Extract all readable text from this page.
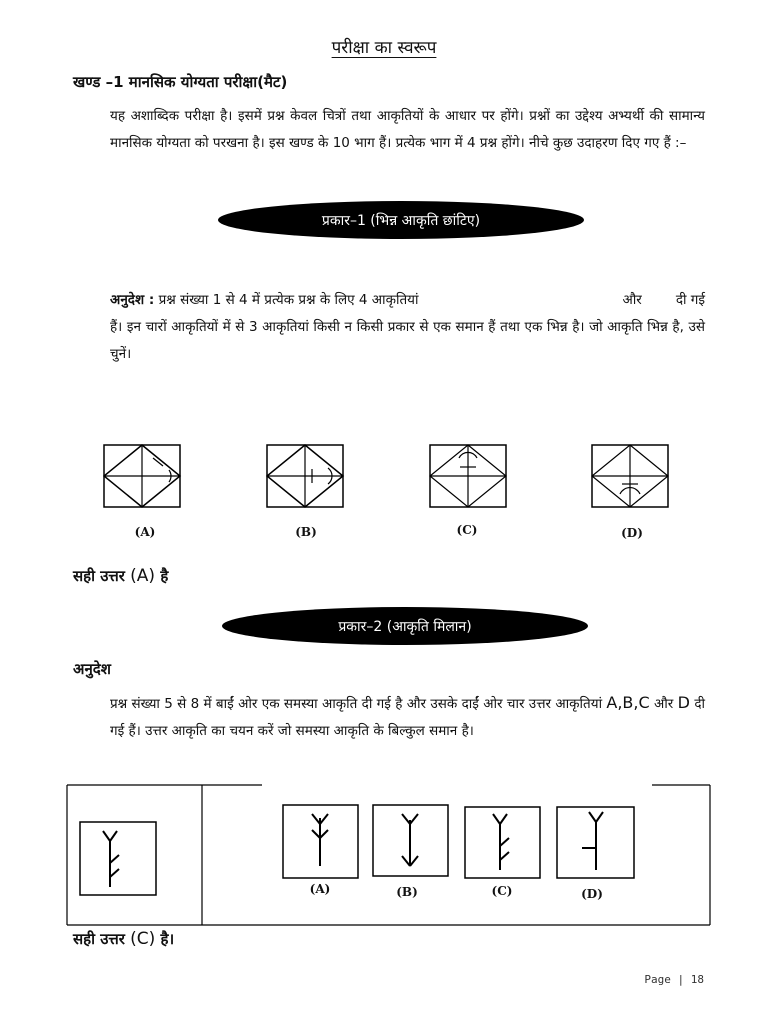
परीक्षा का स्वरूप
खण्ड –1 मानसिक योग्यता परीक्षा(मैट)
यह अशाब्दिक परीक्षा है। इसमें प्रश्न केवल चित्रों तथा आकृतियों के आधार पर होंगे। प्रश्नों का उद्देश्य अभ्यर्थी की सामान्य मानसिक योग्यता को परखना है। इस खण्ड के 10 भाग हैं। प्रत्येक भाग में 4 प्रश्न होंगे। नीचे कुछ उदाहरण दिए गए हैं :–
प्रकार–1 (भिन्न आकृति छांटिए)
अनुदेश : प्रश्न संख्या 1 से 4 में प्रत्येक प्रश्न के लिए 4 आकृतियां	और	दी गई
हैं। इन चारों आकृतियों में से 3 आकृतियां किसी न किसी प्रकार से एक समान हैं तथा एक भिन्न है। जो आकृति भिन्न है, उसे चुनें।
(A)	(B)	(C)	(D)
सही उत्तर (A) है
प्रकार–2 (आकृति मिलान)
अनुदेश
प्रश्न संख्या 5 से 8 में बाईं ओर एक समस्या आकृति दी गई है और उसके दाईं ओर चार उत्तर आकृतियां A,B,C और D दी गई हैं। उत्तर आकृति का चयन करें जो समस्या आकृति के बिल्कुल समान है।
(A)	(B)	(C)	(D)
सही उत्तर (C) है।
Page | 18
